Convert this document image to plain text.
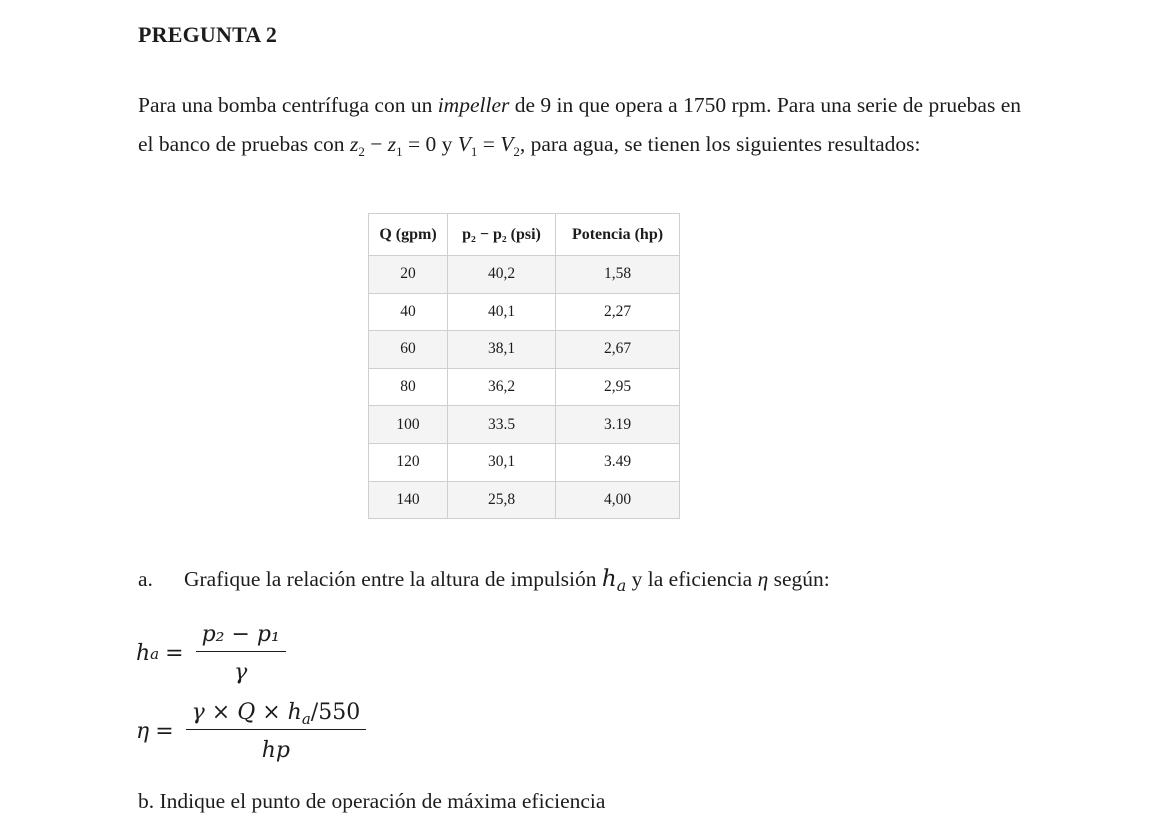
PREGUNTA 2
Para una bomba centrífuga con un impeller de 9 in que opera a 1750 rpm. Para una serie de pruebas en el banco de pruebas con $z_2 - z_1 = 0$ y $V_1 = V_2$, para agua, se tienen los siguientes resultados:
Q (gpm)	p₂ − p₂ (psi)	Potencia (hp)
20	40,2	1,58
40	40,1	2,27
60	38,1	2,67
80	36,2	2,95
100	33.5	3.19
120	30,1	3.49
140	25,8	4,00
a. Grafique la relación entre la altura de impulsión $h_a$ y la eficiencia η según:
h $a = \frac{\text{p₂ − p₁}}{\gamma}$
$\eta = \frac{\gamma \times Q \times h_a/550}{hp}$
b. Indique el punto de operación de máxima eficiencia
